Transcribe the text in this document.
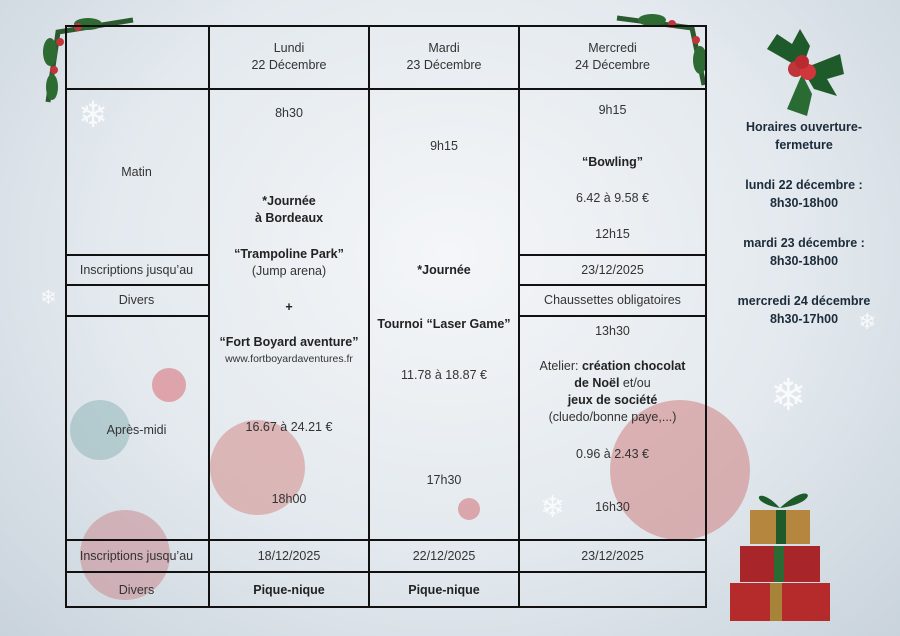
❄
❄
❄
❄
❄
Lundi
22 Décembre
Mardi
23 Décembre
Mercredi
24 Décembre
Matin
Inscriptions jusqu’au
Divers
Après-midi
Inscriptions jusqu’au
Divers
8h30
*Journée
à Bordeaux
“Trampoline Park”
(Jump arena)
+
“Fort Boyard aventure”
www.fortboyardaventures.fr
16.67 à 24.21 €
18h00
18/12/2025
Pique-nique
9h15
*Journée
Tournoi “Laser Game”
11.78 à 18.87 €
17h30
22/12/2025
Pique-nique
9h15
“Bowling”
6.42 à 9.58 €
12h15
23/12/2025
Chaussettes obligatoires
13h30
Atelier: création chocolat
de Noël et/ou
jeux de société
(cluedo/bonne paye,...)
0.96 à 2.43 €
16h30
23/12/2025
Horaires ouverture-fermeture
lundi 22 décembre :
8h30-18h00
mardi 23 décembre :
8h30-18h00
mercredi 24 décembre
8h30-17h00
